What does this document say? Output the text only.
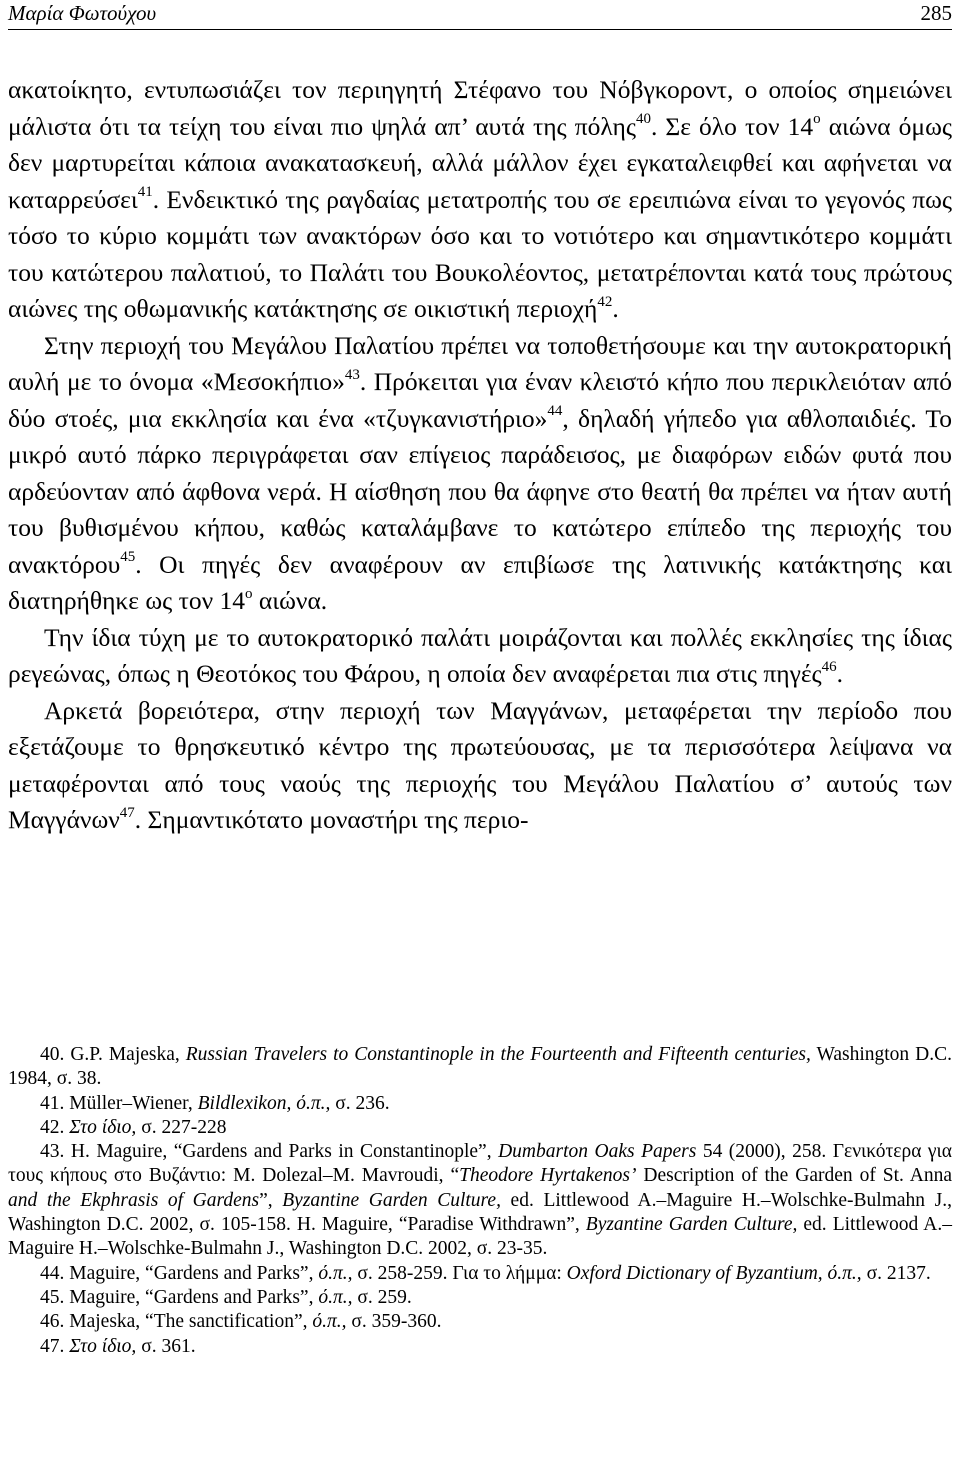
Μαρία Φωτούχου	285

ακατοίκητο, εντυπωσιάζει τον περιηγητή Στέφανο του Νόβγκοροντ, ο οποίος σημειώνει μάλιστα ότι τα τείχη του είναι πιο ψηλά απ’ αυτά της πόλης$^{40}$. Σε όλο τον $14^o$ αιώνα όμως δεν μαρτυρείται κάποια ανακατασκευή, αλλά μάλλον έχει εγκαταλειφθεί και αφήνεται να καταρρεύσει$^{41}$. Ενδεικτικό της ραγδαίας μετατροπής του σε ερειπιώνα είναι το γεγονός πως τόσο το κύριο κομμάτι των ανακτόρων όσο και το νοτιότερο και σημαντικότερο κομμάτι του κατώτερου παλατιού, το Παλάτι του Βουκολέοντος, μετατρέπονται κατά τους πρώτους αιώνες της οθωμανικής κατάκτησης σε οικιστική περιοχή$^{42}$.

Στην περιοχή του Μεγάλου Παλατίου πρέπει να τοποθετήσουμε και την αυτοκρατορική αυλή με το όνομα «Μεσοκήπιο»$^{43}$. Πρόκειται για έναν κλειστό κήπο που περικλειόταν από δύο στοές, μια εκκλησία και ένα «τζυγκανιστήριο»$^{44}$, δηλαδή γήπεδο για αθλοπαιδιές. Το μικρό αυτό πάρκο περιγράφεται σαν επίγειος παράδεισος, με διαφόρων ειδών φυτά που αρδεύονταν από άφθονα νερά. Η αίσθηση που θα άφηνε στο θεατή θα πρέπει να ήταν αυτή του βυθισμένου κήπου, καθώς καταλάμβανε το κατώτερο επίπεδο της περιοχής του ανακτόρου$^{45}$. Οι πηγές δεν αναφέρουν αν επιβίωσε της λατινικής κατάκτησης και διατηρήθηκε ως τον $14^o$ αιώνα.

Την ίδια τύχη με το αυτοκρατορικό παλάτι μοιράζονται και πολλές εκκλησίες της ίδιας ρεγεώνας, όπως η Θεοτόκος του Φάρου, η οποία δεν αναφέρεται πια στις πηγές$^{46}$.

Αρκετά βορειότερα, στην περιοχή των Μαγγάνων, μεταφέρεται την περίοδο που εξετάζουμε το θρησκευτικό κέντρο της πρωτεύουσας, με τα περισσότερα λείψανα να μεταφέρονται από τους ναούς της περιοχής του Μεγάλου Παλατίου σ’ αυτούς των Μαγγάνων$^{47}$. Σημαντικότατο μοναστήρι της περιο-

40. G.P. Majeska, Russian Travelers to Constantinople in the Fourteenth and Fifteenth centuries, Washington D.C. 1984, σ. 38.

41. Müller–Wiener, Bildlexikon, ό.π., σ. 236.

42. Στο ίδιο, σ. 227-228

43. H. Maguire, “Gardens and Parks in Constantinople”, Dumbarton Oaks Papers 54 (2000), 258. Γενικότερα για τους κήπους στο Βυζάντιο: M. Dolezal–M. Mavroudi, “Theodore Hyrtakenos’ Description of the Garden of St. Anna and the Ekphrasis of Gardens”, Byzantine Garden Culture, ed. Littlewood A.–Maguire H.–Wolschke-Bulmahn J., Washington D.C. 2002, σ. 105-158. H. Maguire, “Paradise Withdrawn”, Byzantine Garden Culture, ed. Littlewood A.–Maguire H.–Wolschke-Bulmahn J., Washington D.C. 2002, σ. 23-35.

44. Maguire, “Gardens and Parks”, ό.π., σ. 258-259. Για το λήμμα: Oxford Dictionary of Byzantium, ό.π., σ. 2137.

45. Maguire, “Gardens and Parks”, ό.π., σ. 259.

46. Majeska, “The sanctification”, ό.π., σ. 359-360.

47. Στο ίδιο, σ. 361.
